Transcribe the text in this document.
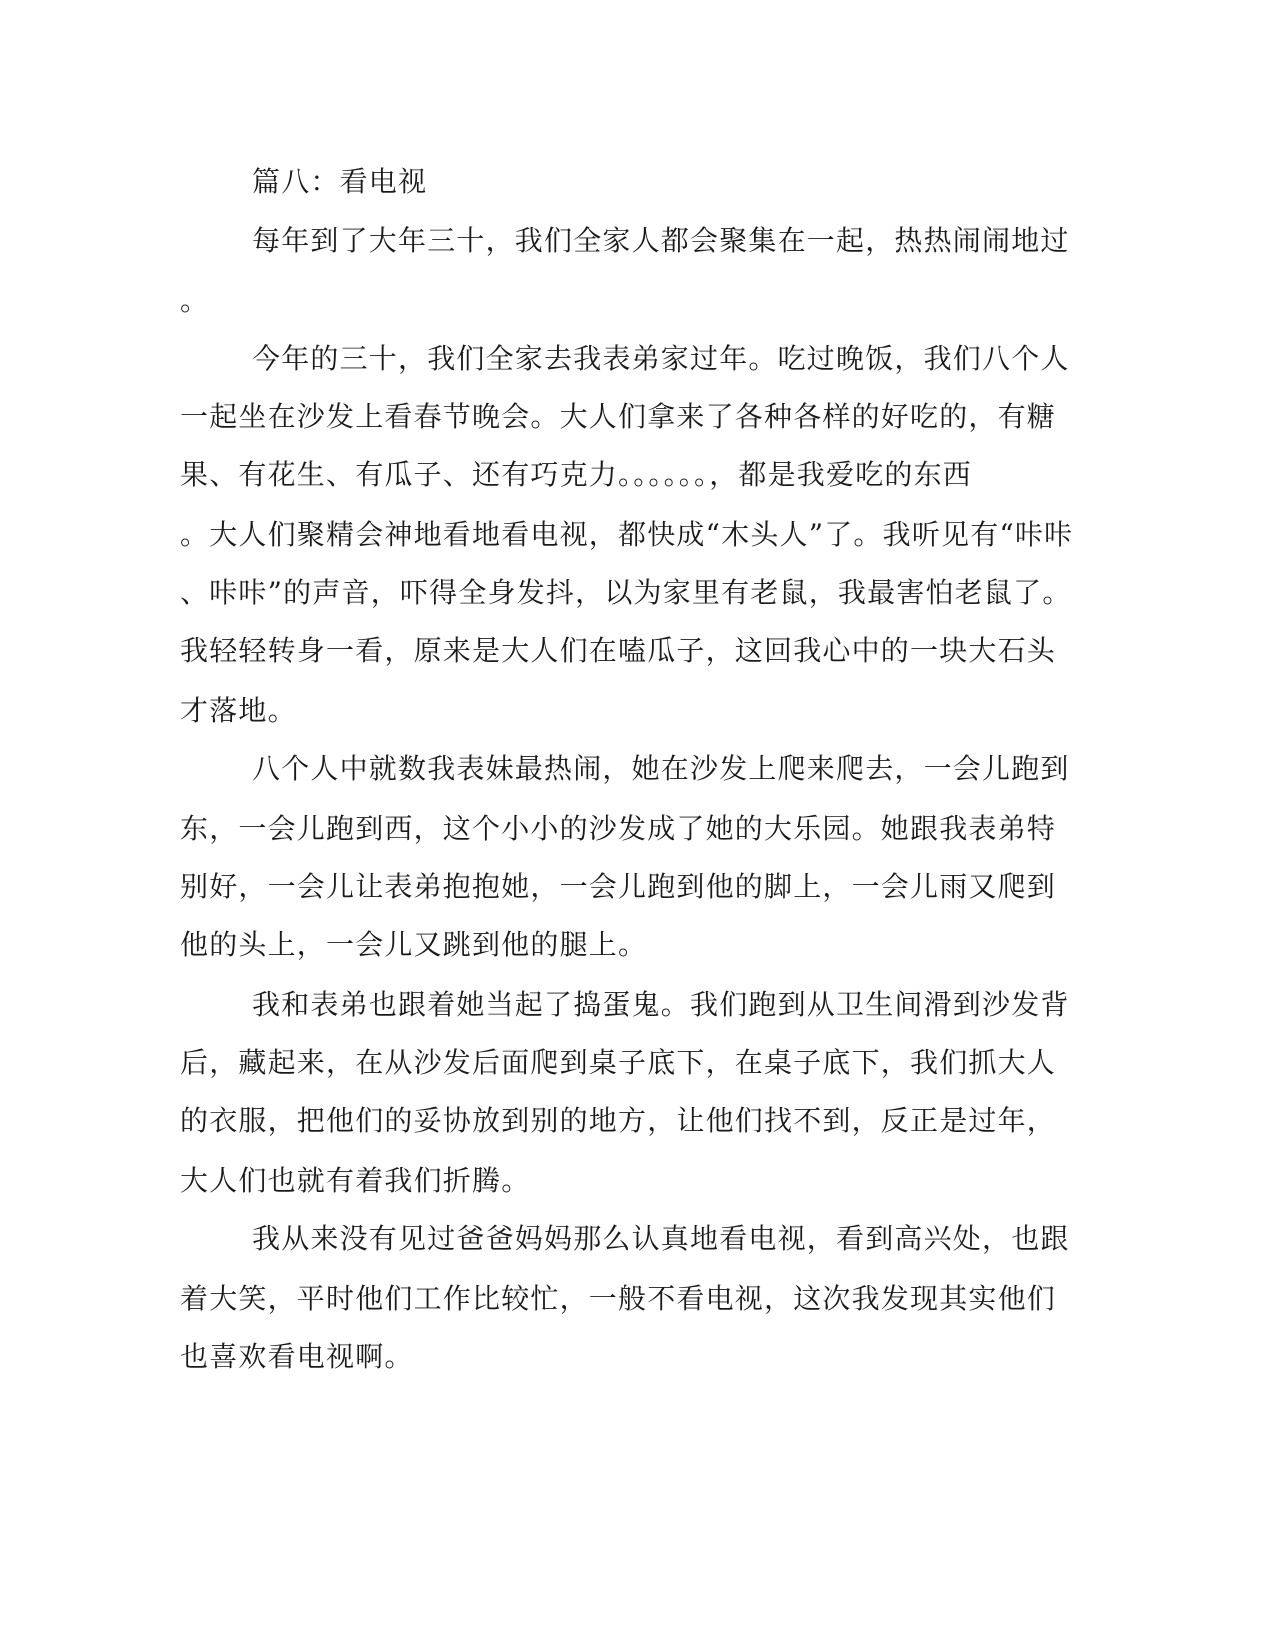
篇八：看电视
每年到了大年三十，我们全家人都会聚集在一起，热热闹闹地过
。
今年的三十，我们全家去我表弟家过年。吃过晚饭，我们八个人
一起坐在沙发上看春节晚会。大人们拿来了各种各样的好吃的，有糖
果、有花生、有瓜子、还有巧克力。。。。。。，都是我爱吃的东西
。大人们聚精会神地看地看电视，都快成“木头人”了。我听见有“咔咔
、咔咔”的声音，吓得全身发抖，以为家里有老鼠，我最害怕老鼠了。
我轻轻转身一看，原来是大人们在嗑瓜子，这回我心中的一块大石头
才落地。
八个人中就数我表妹最热闹，她在沙发上爬来爬去，一会儿跑到
东，一会儿跑到西，这个小小的沙发成了她的大乐园。她跟我表弟特
别好，一会儿让表弟抱抱她，一会儿跑到他的脚上，一会儿雨又爬到
他的头上，一会儿又跳到他的腿上。
我和表弟也跟着她当起了捣蛋鬼。我们跑到从卫生间滑到沙发背
后，藏起来，在从沙发后面爬到桌子底下，在桌子底下，我们抓大人
的衣服，把他们的妥协放到别的地方，让他们找不到，反正是过年，
大人们也就有着我们折腾。
我从来没有见过爸爸妈妈那么认真地看电视，看到高兴处，也跟
着大笑，平时他们工作比较忙，一般不看电视，这次我发现其实他们
也喜欢看电视啊。
